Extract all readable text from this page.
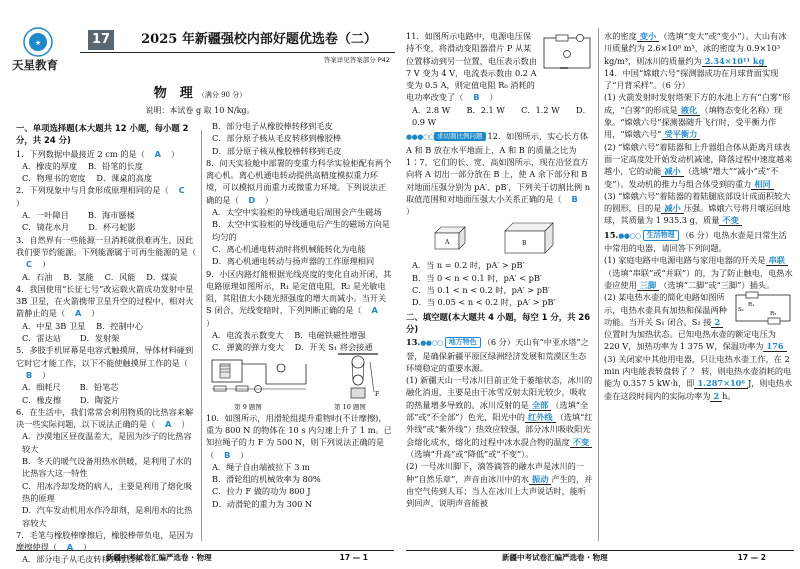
★
天星教育
17	2025 年新疆强校内部好题优选卷（二）
答案详见答案部分 P42
物　理 （满分 90 分）
说明：本试卷 g 取 10 N/kg。

一、单项选择题(本大题共 12 小题，每小题 2 分，共 24 分)

1．下列数据中最接近 2 cm 的是（ A ）

A．橡皮的厚度　 B．铅笔的长度
C．物理书的宽度　 D．课桌的高度

2．下列现象中与月食形成原理相同的是（ C）

A．一叶障目　　 B．海市蜃楼
C．镜花水月　　 D．杯弓蛇影

3．自然界有一些能源一旦消耗就很难再生，因此我们要节约能源。下列能源属于可再生能源的是（C ）

A．石油　 B．氢能　 C．风能　 D．煤炭

4．我国使用“长征七号”改运载火箭成功发射中星 3B 卫星，在火箭携带卫星升空的过程中，相对火箭静止的是（ A ）

A．中星 3B 卫星　 B．控制中心
C．雷达站　　 D．发射架

5．多肢手机屏幕是电容式触摸屏，导体材料碰到它时它才能工作，以下不能使触摸屏工作的是（B ）

A．细耗尺　　 B．铅笔芯
C．橡皮擦　　 D．陶瓷片

6．在生活中，我们常常会利用物质的比热容来解决一些实际问题，以下说法正确的是（ A ）

A．沙漠地区昼夜温差大，是因为沙子的比热容较大

B．冬天的暖气设备用热水供暖，是利用了水的比热容大这一特性

C．用冰冷却发烧的病人，主要是利用了熔化吸热的原理

D．汽车发动机用水作冷却剂，是利用水的比热容较大

7．毛笔与橡胶棒摩擦后，橡胶棒带负电，是因为摩擦使得（ A ）

A．部分电子从毛皮转移到橡胶棒

B．部分电子从橡胶棒转移到毛皮

C．部分原子核从毛皮转移到橡胶棒

D．部分原子核从橡胶棒转移到毛皮

8．问天实验舱中部署的变重力科学实验柜配有两个离心机。离心机通电转动提供高精度模拟重力环境，可以模拟月面重力或微重力环境。下列说法正确的是（ D ）

A．太空中实验柜的导线通电后周围会产生磁场

B．太空中实验柜的导线通电后产生的磁场方向是均匀的

C．离心机通电转动时将机械能转化为电能

D．离心机通电转动与扬声器的工作原理相同

9．小区内路灯能根据光线亮度的变化自动开闭，其电路原理如图所示，R₁ 是定值电阻，R₂ 是光敏电阻，其阻值大小随光照强度的增大而减小。当开关 S 闭合，光线变暗时，下列判断正确的是（ A）

A．电流表示数变大　 B．电磁铁磁性增强
C．弹簧的弹力变大　 D．开关 S₁ 将会接通

F
第 9 题图	第 10 题图

10．如图所示，用滑轮组提升重物时(不计摩擦)，重为 800 N 的物体在 10 s 内匀速上升了 1 m。已知拉绳子的力 F 为 500 N，则下列说法正确的是（ B ）

A．绳子自由端被拉下 3 m

B．滑轮组的机械效率为 80%

C．拉力 F 做的功为 800 J

D．动滑轮的重力为 300 N

新疆中考试卷汇编严选卷 · 物理	17 — 1

11．如图所示电路中，电源电压保持不变，将滑动变阻器滑片 P 从某位置移动到另一位置，电压表示数由 7 V 变为 4 V，电流表示数由 0.2 A 变为 0.5 A，则定值电阻 R₀ 消耗的电功率改变了（ B ）

A．2.8 W　　B．2.1 W　　C．1.2 W　　D．0.9 W

●●●○○ 求切割比例问题 12．如图所示，实心长方体 A 和 B 放在水平地面上，A 和 B 的质量之比为 1∶7，它们的长、宽、高如图所示，现在沿竖直方向将 A 切出一部分放在 B 上，使 A 余下部分和 B 对地面压强分别为 pA′、pB′，下列关于切割比例 n 取值范围和对地面压强大小关系正确的是（ B）

A	B

A．当 n = 0.2 时，pA′ > pB′

B．当 0 < n < 0.1 时，pA′ < pB′

C．当 0.1 < n < 0.2 时，pA′ > pB′

D．当 0.05 < n < 0.2 时，pA′ > pB′

二、填空题(本大题共 4 小题，每空 1 分，共 26 分)

13.●●○○ 地方特色 （6 分）天山有“中亚水塔”之誉，是确保新疆平原区绿洲经济发展和荒漠区生态环境稳定的重要水源。

(1) 新疆天山一号冰川目前正处于萎缩状态，冰川的融化消退，主要是由于冰雪反射太阳光较少，吸收的热量增多导致的。冰川反射的是 全部 （选填“全部”或“不全部”）色光，阳光中的 红外线 （选填“红外线”或“紫外线”）热效应较强，部分冰川吸收阳光会熔化成水，熔化的过程中冰水混合物的温度 不变（选填“升高”或“降低”或“不变”）。

(2) 一号冰川脚下，滴答滴答的融水声是冰川的一种“自然乐章”，声音由冰川中的水 振动 产生的，并由空气传到人耳；当人在冰川上大声说话时，能听到回声，说明声音能被

水的密度 变小 （选填“变大”或“变小”）。大山有冰川质量约为 2.6×10⁸ m³，冰的密度为 0.9×10³ kg/m³，则冰川的质量约为 2.34×10¹¹ kg

14．中国“嫦娥六号”探测器成功在月球背面实现了“月背采样”。（6 分）

(1) 火箭发射时发射塔架下方的水池上方有“白雾”形成，“白雾”的形成是 液化 （填物态变化名称）现象。“嫦娥六号”探测器随升飞行时，受平衡力作用，“嫦娥六号” 受平衡力

(2) “嫦娥六号”着陆器和上升器组合体从距离月球表面一定高度处开始发动机减速，降落过程中速度越来越小，它的动能 减小 （选填“增大”“减小”或“不变”）。发动机的推力与组合体受到的重力 相同

(3) “嫦娥六号”着陆器的着陆腿底部设计成面积较大的圆形，目的是 减小 压强。嫦娥六号将月壤运回地球，其质量为 1 935.3 g，质量 不变

15.●●○○ 生活物理 （6 分）电热水壶是日常生活中常用的电器，请回答下列问题。

(1) 家庭电路中电源电路与家用电器的开关是 串联（选填“串联”或“并联”）的，为了防止触电，电热水壶应使用 三脚 （选填“二脚”或“三脚”）插头。

R₁
R₂
S₁

(2) 某电热水壶的简化电路如图所示，电热水壶具有加热和保温两种功能。当开关 S₁ 闭合，S₂ 接 2位置时为加热状态。已知电热水壶的额定电压为 220 V，加热功率为 1 375 W，保温功率为 176

(3) 关闭家中其他用电器，只让电热水壶工作，在 2 min 内电能表转盘转了 ？ 转，则电热水壶消耗的电能为 0.357 5 kW·h，即 1.287×10⁶ J，则电热水壶在这段时间内的实际功率为 2 h。

新疆中考试卷汇编严选卷 · 物理	17 — 2
